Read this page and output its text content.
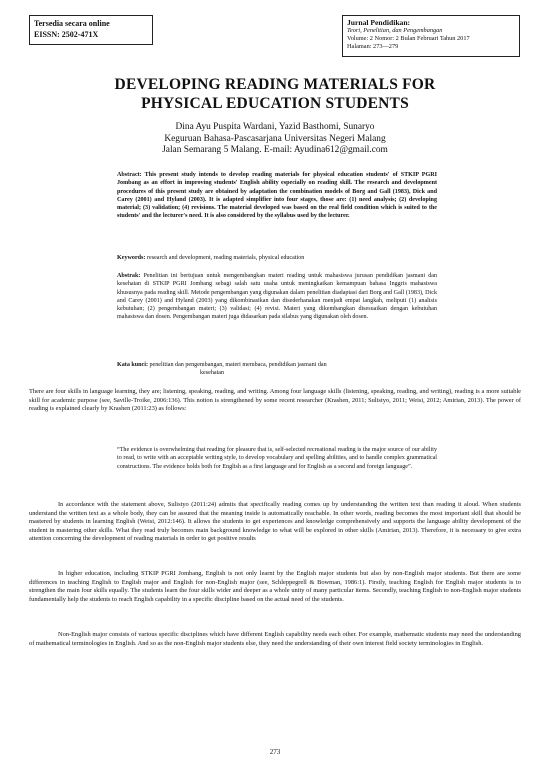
Tersedia secara online
EISSN: 2502-471X
Jurnal Pendidikan:
Teori, Penelitian, dan Pengembangan
Volume: 2 Nomor: 2 Bulan Februari Tahun 2017
Halaman: 273—279
DEVELOPING READING MATERIALS FOR
PHYSICAL EDUCATION STUDENTS
Dina Ayu Puspita Wardani, Yazid Basthomi, Sunaryo
Keguruan Bahasa-Pascasarjana Universitas Negeri Malang
Jalan Semarang 5 Malang. E-mail: Ayudina612@gmail.com
Abstract: This present study intends to develop reading materials for physical education students' of STKIP PGRI Jombang as an effort in improving students' English ability especially on reading skill. The research and development procedures of this present study are obtained by adaptation the combination models of Borg and Gall (1983), Dick and Carey (2001) and Hyland (2003). It is adapted simplifier into four stages, those are: (1) need analysis; (2) developing material; (3) validation; (4) revisions. The material developed was based on the real field condition which is suited to the students' and the lecturer's need. It is also considered by the syllabus used by the lecturer.
Keywords: research and development, reading materials, physical education
Abstrak: Penelitian ini bertujuan untuk mengembangkan materi reading untuk mahasiswa jurusan pendidikan jasmani dan kesehatan di STKIP PGRI Jombang sebagi salah satu usaha untuk meningkatkan kemampuan bahasa Inggris mahasiswa khususnya pada reading skill. Metode pengembangan yang digunakan dalam penelitian diadaptasi dari Borg and Gall (1983), Dick and Carey (2001) and Hyland (2003) yang dikombinasikan dan disederhanakan menjadi empat langkah, meliputi (1) analisis kebutuhan; (2) pengembangan materi; (3) validasi; (4) revisi. Materi yang dikembangkan disesuaikan dengan kebutuhan mahasiswa dan dosen. Pengembangan materi juga didasarkan pada silabus yang digunakan oleh dosen.
Kata kunci: penelitian dan pengembangan, materi membaca, pendidikan jasmani dan
kesehatan

There are four skills in language learning, they are; listening, speaking, reading, and writing. Among four language skills (listening, speaking, reading, and writing), reading is a more suitable skill for academic purpose (see, Saville-Troike, 2006:136). This notion is strengthened by some recent researcher (Krashen, 2011; Sulistyo, 2011; Weisi, 2012; Amirian, 2013). The power of reading is explained clearly by Krashen (2011:23) as follows:

“The evidence is overwhelming that reading for pleasure that is, self-selected recreational reading is the major source of our ability to read, to write with an acceptable writing style, to develop vocabulary and spelling abilities, and to handle complex grammatical constructions. The evidence holds both for English as a first language and for English as a second and foreign language”.

In accordance with the statement above, Sulistyo (2011:24) admits that specifically reading comes up by understanding the written text than reading it aloud. When students understand the written text as a whole body, they can be assured that the meaning inside is automatically reachable. In other words, reading becomes the most important skill that should be mastered by students in learning English (Weisi, 2012:146). It allows the students to get experiences and knowledge comprehensively and supports the language ability development of the student in mastering other skills. What they read truly becomes main background knowledge to what will be explored in other skills (Amirian, 2013). Therefore, it is necessary to give extra attention concerning the development of reading materials in order to get positive results

In higher education, including STKIP PGRI Jombang, English is not only learnt by the English major students but also by non-English major students. But there are some differences in teaching English to English major and English for non-English major (see, Schleppegrell & Bowman, 1986:1). Firstly, teaching English for English major students is to strengthen the main four skills equally. The students learn the four skills wider and deeper as a whole unity of many particular items. Secondly, teaching English to non-English major students fundamentally help the students to reach English capability in a specific discipline based on the actual need of the students.

Non-English major consists of various specific disciplines which have different English capability needs each other. For example, mathematic students may need the understanding of mathematical terminologies in English. And so as the non-English major students else, they need the understanding of their own interest field society terminologies in English.

273
